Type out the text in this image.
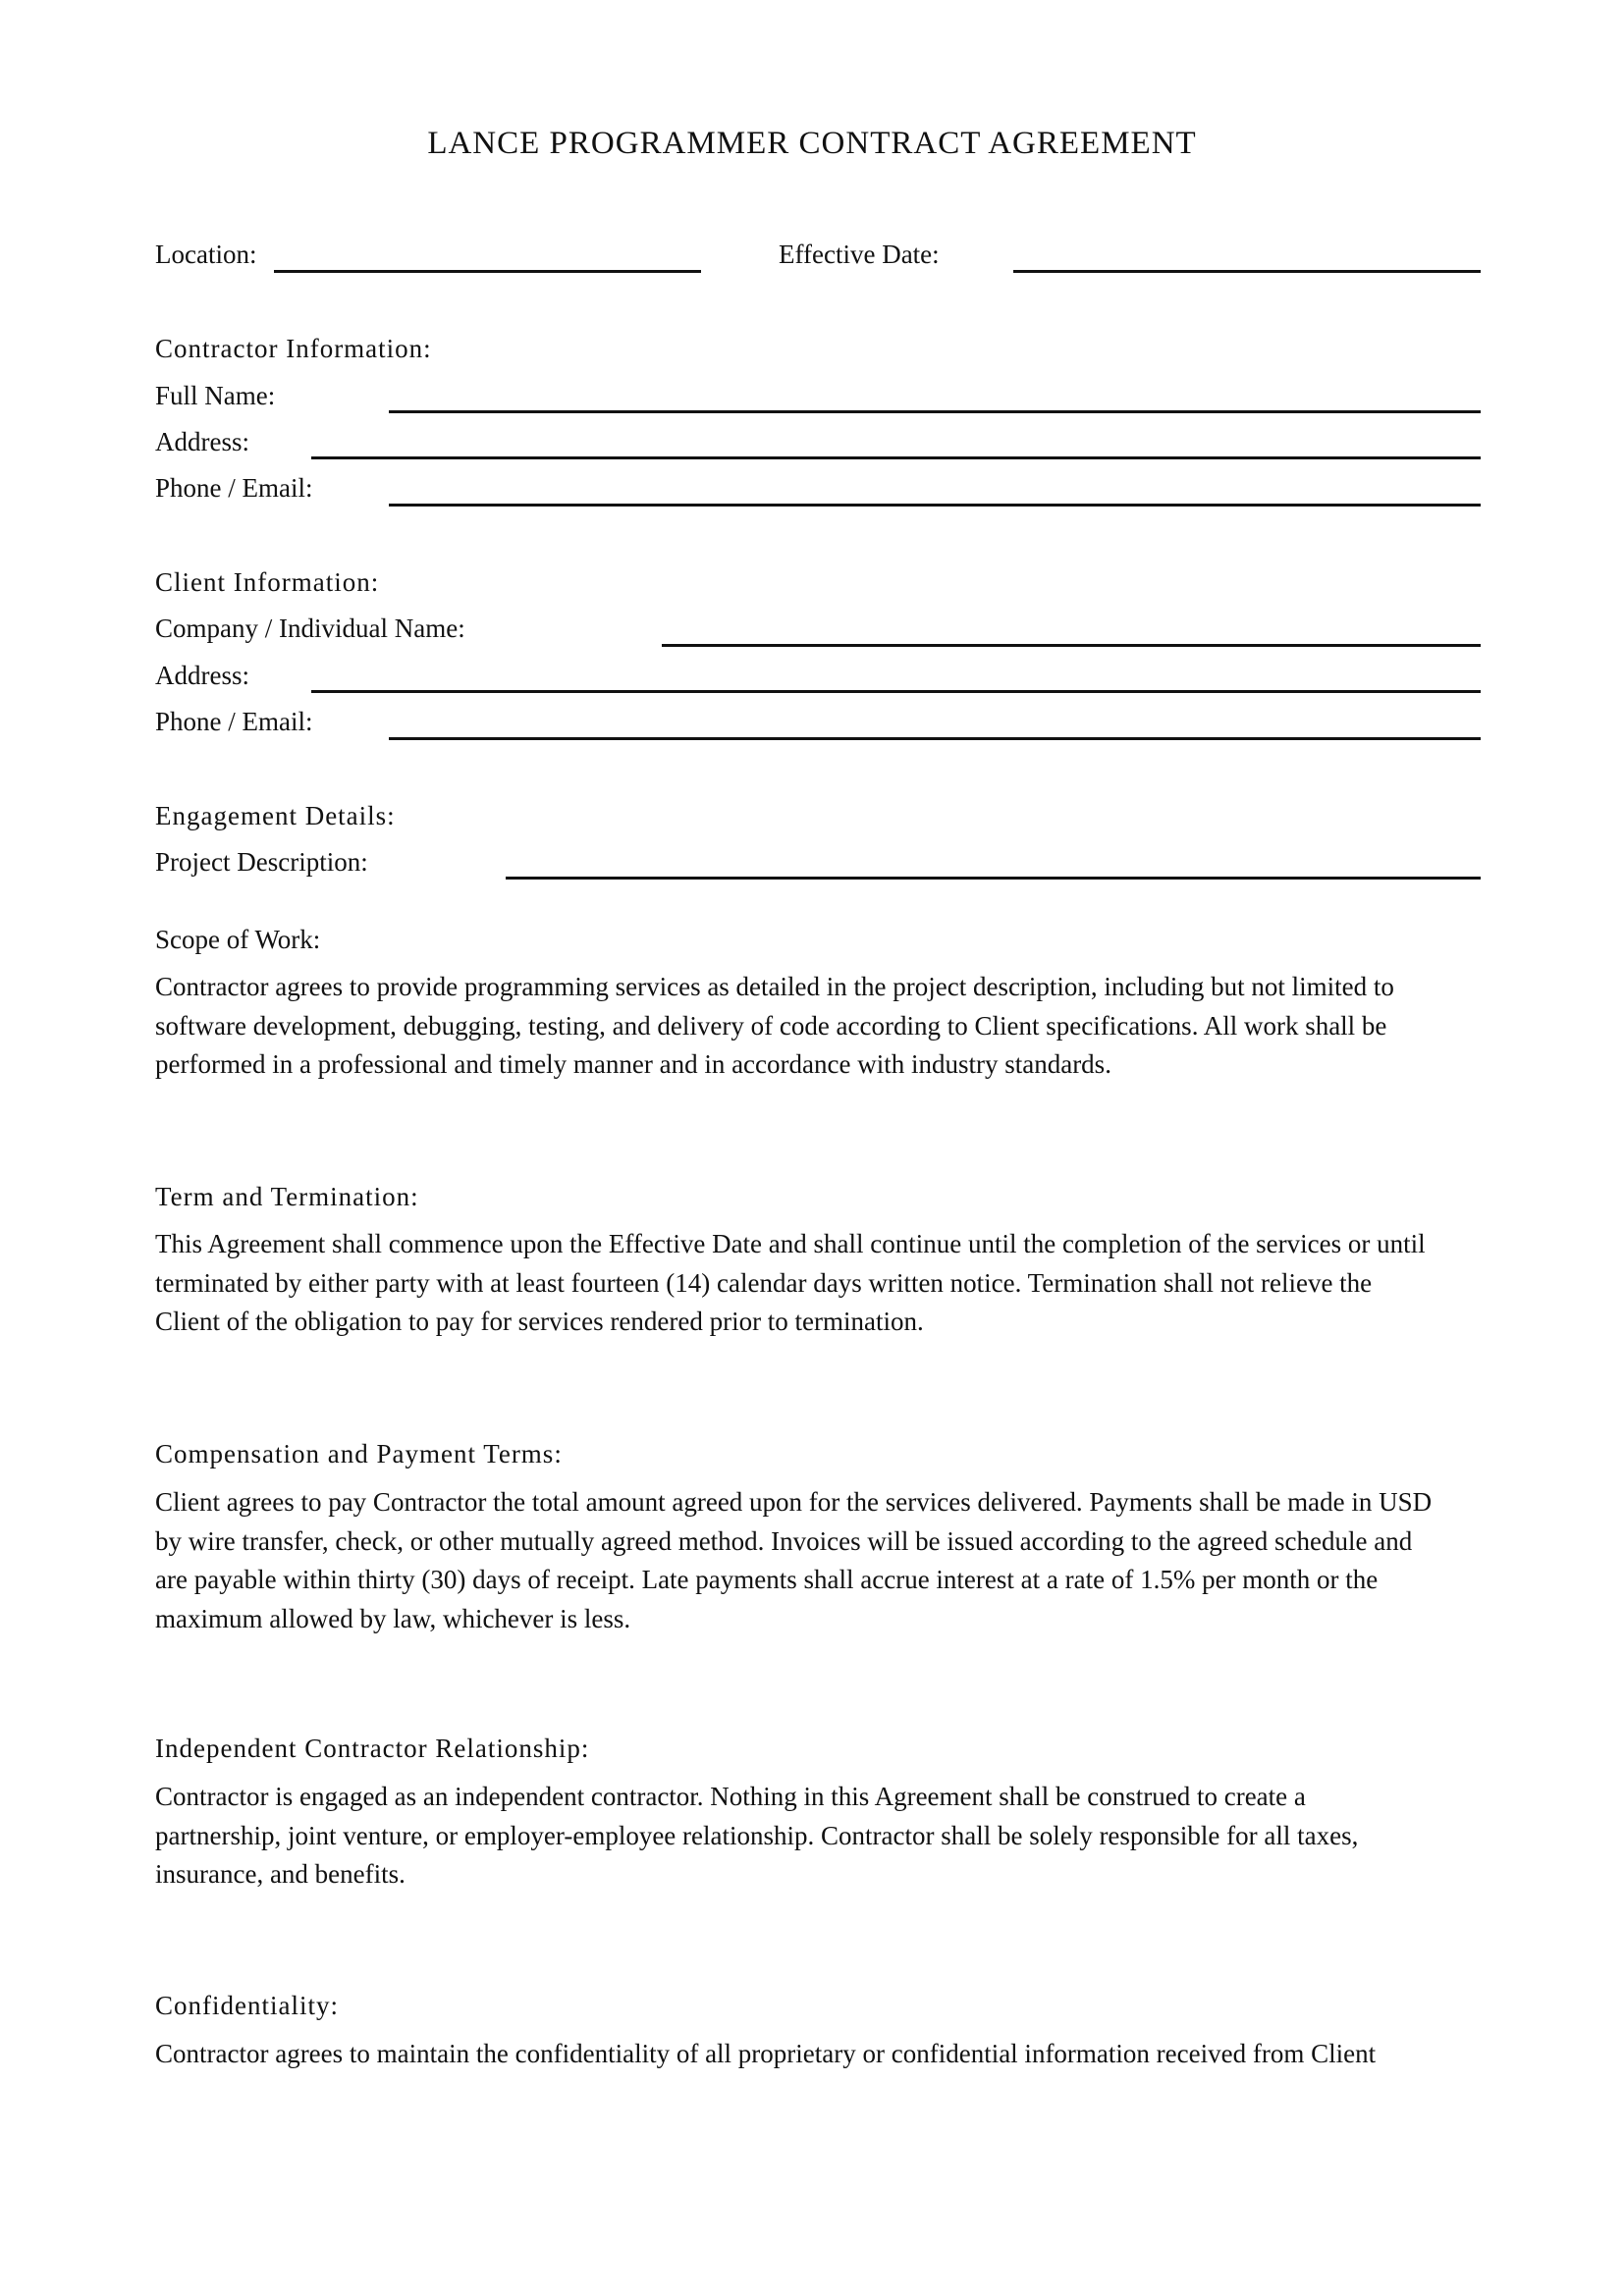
LANCE PROGRAMMER CONTRACT AGREEMENT
Location:	Effective Date:
Contractor Information:
Full Name:
Address:
Phone / Email:
Client Information:
Company / Individual Name:
Address:
Phone / Email:
Engagement Details:
Project Description:
Scope of Work:
Contractor agrees to provide programming services as detailed in the project description, including but not limited to
software development, debugging, testing, and delivery of code according to Client specifications. All work shall be
performed in a professional and timely manner and in accordance with industry standards.
Term and Termination:
This Agreement shall commence upon the Effective Date and shall continue until the completion of the services or until
terminated by either party with at least fourteen (14) calendar days written notice. Termination shall not relieve the
Client of the obligation to pay for services rendered prior to termination.
Compensation and Payment Terms:
Client agrees to pay Contractor the total amount agreed upon for the services delivered. Payments shall be made in USD
by wire transfer, check, or other mutually agreed method. Invoices will be issued according to the agreed schedule and
are payable within thirty (30) days of receipt. Late payments shall accrue interest at a rate of 1.5% per month or the
maximum allowed by law, whichever is less.
Independent Contractor Relationship:
Contractor is engaged as an independent contractor. Nothing in this Agreement shall be construed to create a
partnership, joint venture, or employer-employee relationship. Contractor shall be solely responsible for all taxes,
insurance, and benefits.
Confidentiality:
Contractor agrees to maintain the confidentiality of all proprietary or confidential information received from Client
